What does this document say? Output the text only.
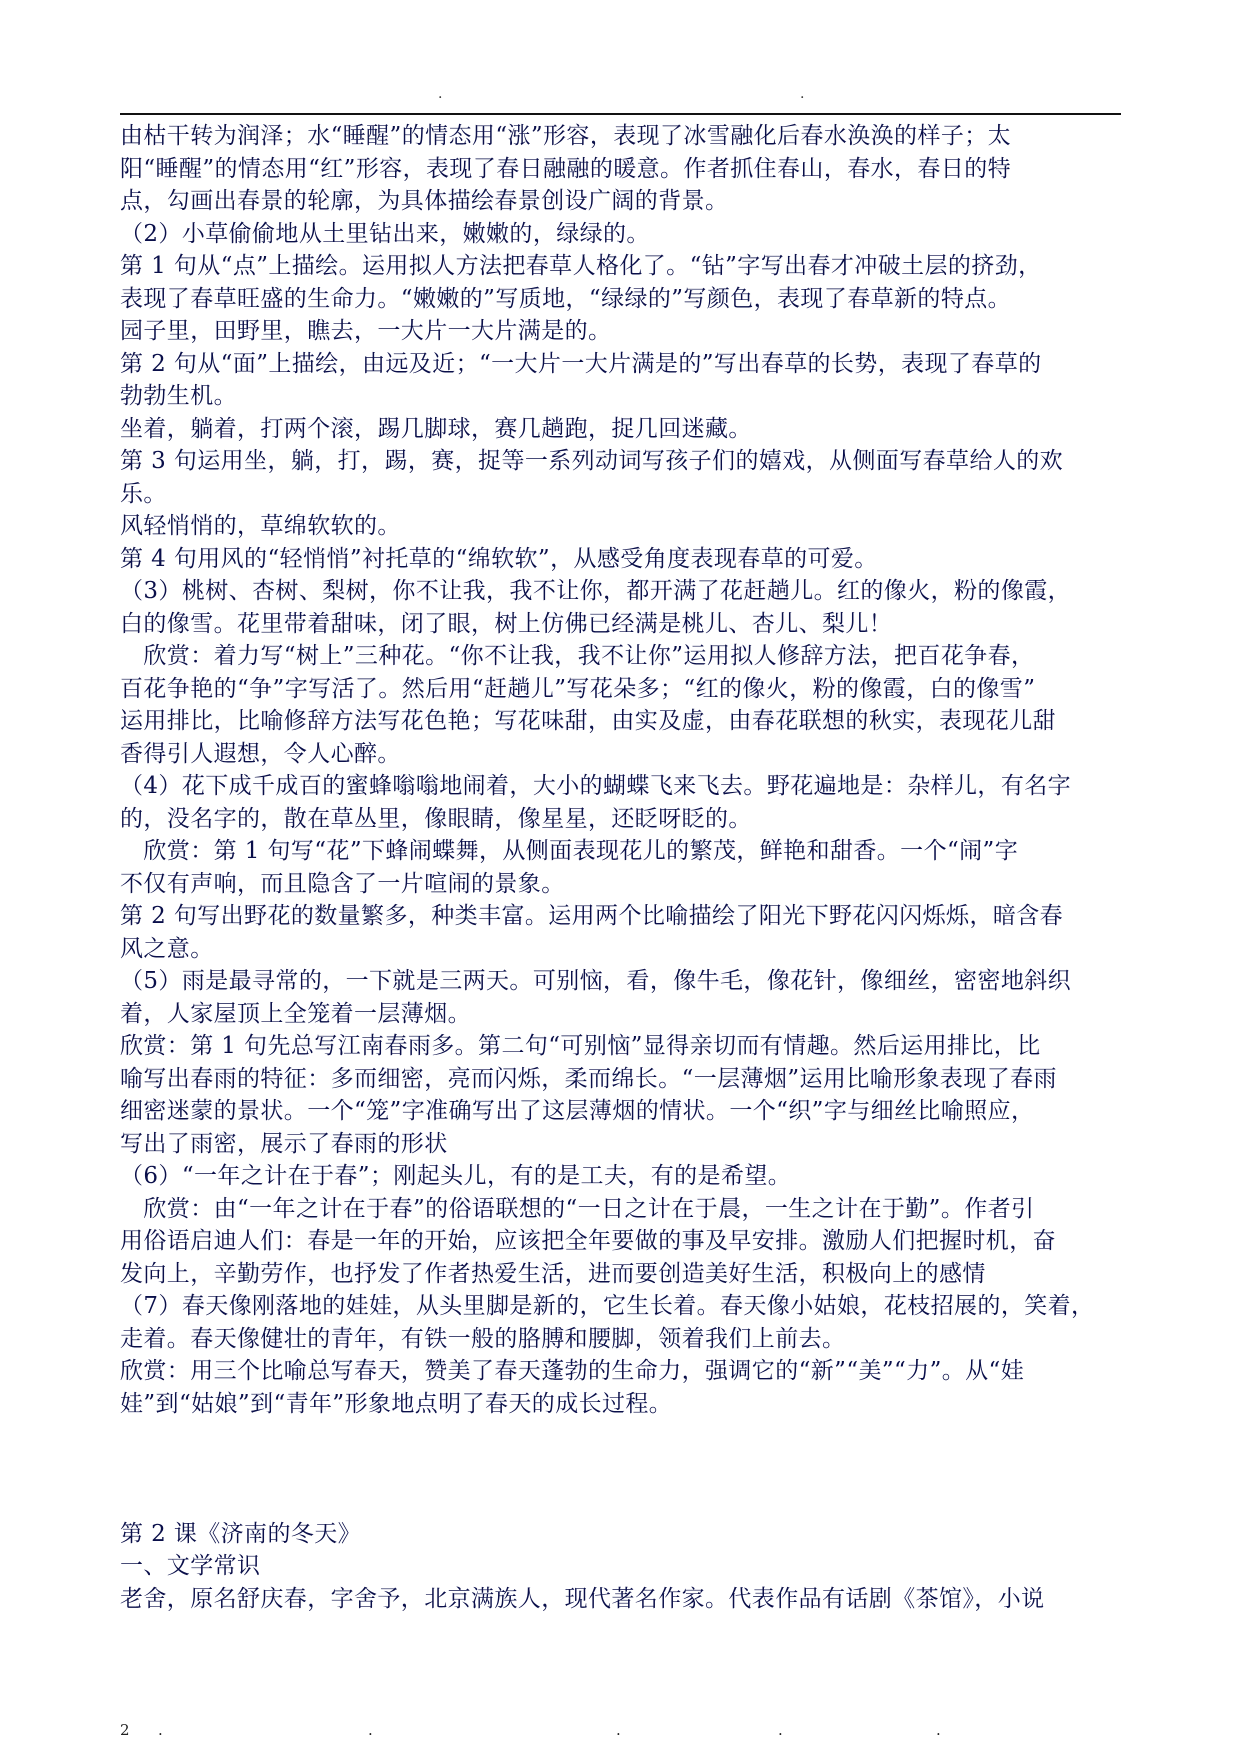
.	.
由枯干转为润泽；水“睡醒”的情态用“涨”形容，表现了冰雪融化后春水涣涣的样子；太
阳“睡醒”的情态用“红”形容，表现了春日融融的暖意。作者抓住春山，春水，春日的特
点，勾画出春景的轮廓，为具体描绘春景创设广阔的背景。
（2）小草偷偷地从土里钻出来，嫩嫩的，绿绿的。
第 1 句从“点”上描绘。运用拟人方法把春草人格化了。“钻”字写出春才冲破土层的挤劲，
表现了春草旺盛的生命力。“嫩嫩的”写质地，“绿绿的”写颜色，表现了春草新的特点。
园子里，田野里，瞧去，一大片一大片满是的。
第 2 句从“面”上描绘，由远及近；“一大片一大片满是的”写出春草的长势，表现了春草的
勃勃生机。
坐着，躺着，打两个滚，踢几脚球，赛几趟跑，捉几回迷藏。
第 3 句运用坐，躺，打，踢，赛，捉等一系列动词写孩子们的嬉戏，从侧面写春草给人的欢
乐。
风轻悄悄的，草绵软软的。
第 4 句用风的“轻悄悄”衬托草的“绵软软”，从感受角度表现春草的可爱。
（3）桃树、杏树、梨树，你不让我，我不让你，都开满了花赶趟儿。红的像火，粉的像霞，
白的像雪。花里带着甜味，闭了眼，树上仿佛已经满是桃儿、杏儿、梨儿！
　欣赏：着力写“树上”三种花。“你不让我，我不让你”运用拟人修辞方法，把百花争春，
百花争艳的“争”字写活了。然后用“赶趟儿”写花朵多；“红的像火，粉的像霞，白的像雪”
运用排比，比喻修辞方法写花色艳；写花味甜，由实及虚，由春花联想的秋实，表现花儿甜
香得引人遐想，令人心醉。
（4）花下成千成百的蜜蜂嗡嗡地闹着，大小的蝴蝶飞来飞去。野花遍地是：杂样儿，有名字
的，没名字的，散在草丛里，像眼睛，像星星，还眨呀眨的。
　欣赏：第 1 句写“花”下蜂闹蝶舞，从侧面表现花儿的繁茂，鲜艳和甜香。一个“闹”字
不仅有声响，而且隐含了一片喧闹的景象。
第 2 句写出野花的数量繁多，种类丰富。运用两个比喻描绘了阳光下野花闪闪烁烁，暗含春
风之意。
（5）雨是最寻常的，一下就是三两天。可别恼，看，像牛毛，像花针，像细丝，密密地斜织
着，人家屋顶上全笼着一层薄烟。
欣赏：第 1 句先总写江南春雨多。第二句“可别恼”显得亲切而有情趣。然后运用排比，比
喻写出春雨的特征：多而细密，亮而闪烁，柔而绵长。“一层薄烟”运用比喻形象表现了春雨
细密迷蒙的景状。一个“笼”字准确写出了这层薄烟的情状。一个“织”字与细丝比喻照应，
写出了雨密，展示了春雨的形状
（6）“一年之计在于春”；刚起头儿，有的是工夫，有的是希望。
　欣赏：由“一年之计在于春”的俗语联想的“一日之计在于晨，一生之计在于勤”。作者引
用俗语启迪人们：春是一年的开始，应该把全年要做的事及早安排。激励人们把握时机，奋
发向上，辛勤劳作，也抒发了作者热爱生活，进而要创造美好生活，积极向上的感情
（7）春天像刚落地的娃娃，从头里脚是新的，它生长着。春天像小姑娘，花枝招展的，笑着，
走着。春天像健壮的青年，有铁一般的胳膊和腰脚，领着我们上前去。
欣赏：用三个比喻总写春天，赞美了春天蓬勃的生命力，强调它的“新”“美”“力”。从“娃
娃”到“姑娘”到“青年”形象地点明了春天的成长过程。
第 2 课《济南的冬天》
一、文学常识
老舍，原名舒庆春，字舍予，北京满族人，现代著名作家。代表作品有话剧《茶馆》，小说
2 .	.	.	.	.
